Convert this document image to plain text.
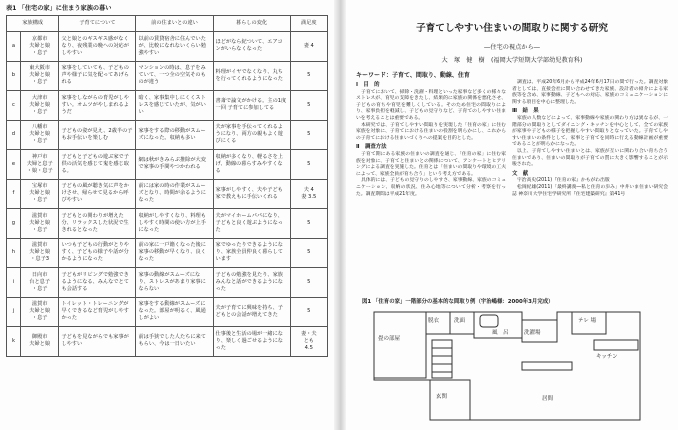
表1 「住宅の家」に住まう家族の暮い
家族構成		子育てについて	前の住まいとの違い	暮らしの変化	満足度
a	京都市
夫婦と娘
・息子	父と娘とのギスギス感がなくなり、夜残業の晩への対応がしやすい	以前の賃貸宿舎に住んでいたが、比較になれないくらい勉強やすい	ほどがなら紀ついて、エアコンがいらなくなった	妻 4
b	東大阪市
夫婦と娘
・息子	家事をしていても、子どもの声や様子に気を配ってあげられる	マンションの時は、息子をみていて、一つ全の空気そのものが違う	料理がイヤでなくなり、丸ちを行ってくれるようになった	5
c	大津市
夫婦と娘
・息子	家事をしながらの育児がしやすい。オムツがやしまれるようだ	暗く、家事集中しにくくストレスを感じていたが、気がいい	書斎で論文がかける。主の1度一回 子育てに参加してる	5
d	八幡市
夫婦と娘
・息子	子どもの姿が見え、2歳半の子もお手伝いを楽しむ	家事をする際の移動がスムーズになった。収納も多い	夫が家事を手伝ってくれるようになり、両方の親もよく遊びにくる	5
e	神戸市
夫婦と息子
・娘・息子	子どもと子どもの遊ぶ家で子供の活気を感じて鬼を感じ取る。	網は秋がきみらぶ推除が大変で家事の手間やつかわれる	収納が多くなり、軽るさを上げ、動線の暮らすみやすくなる	5
f	宝塚市
夫婦と娘
・息子	子どもの風が聴き気に声をかけさせ、帰らせて見るから呼びやすい	前には家の時の作業がスムーズとなり、時間が余るようになった	家事がしやすく、夫や子ども家で教えもに手伝いくれる	夫 4
妻 3.5
g	滋賀市
夫婦と娘
・息子	子どもとの関わりが増えた分、リラックスした状況で生きれるとなった	収納がしやすくなり、料理もしやすく時間の使い方が上手になった	夫がマイホームパパになり、子どもと良く遊ぶようになった	5
h	滋賀市
夫婦と娘
・息子3	いつも子どもの行動がとりやすく、子どもの様子や話が分かるようになった	前の家に一戸籍くなった後に家事の移動が早くなり、良くなった	家でゆったりできるようになり、家族全員仲良く暮らしています	5
i	日向市
台と息子
・息子	子どもがリビングで勉強できるようになる、みんなでとても会話する	家事の動線がスムーズになり、ストレスがあまり家事にならない	子どもの勉強を見たり、家族みんなと話ができるようになった	5
j	滋賀市
夫婦と娘
・息子	トイレット・トレーニングが早くできるなど育児がしやすかった	家事をする動線がスムーズになった。部屋が明るく、風通しがよい	夫が子育てに興味を持ち、子どもとの会話が増えてきた	5
k	御殿市
夫婦と娘	子どもを見ながらでも家事がしやすい	前は手狭でした人たちに来てもらい、今は一日いたい	仕事後と生活の場が一緒になり、楽しく過ごせるようになった	妻・夫
とも
4.5
子育てしやすい住まいの間取りに関する研究
―住宅の視点から―
大　塚　健　樹　(福岡大学短期大学部幼児教育科)
キーワード：子育て、間取り、動線、住育
Ⅰ　目　的

子育てにおいて、掃除・洗濯・料理といった家事など多くの様々なストレスが、育児の支障をきたし、結果的に家族の関係を悪化させ、子どもの育ちや育児を難しくしている。そのため住宅の間取りにより、家事負担を軽減し、子どもの見守りなど、子育てのしやすい住まいを考えることは重要である。

本研究では、子育てしやすい間取りを実現した「住育の家」に住む家族を対象に、子育てにおける住まいの役割を明らかにし、これからの子育てにおける住まいづくりへの提案を目的とした。

Ⅱ　調査方法

子育て期にある家族の住まいの調査を通じ、「住育の家」に住む家族を対象に、子育てと住まいとの関係について、アンケートとヒアリングによる調査を実施した。住育とは「住まいの間取りや環境の工夫によって、家族全員が育ち合う」という考え方である。

具体的には、子どもの見守りのしやすさ、家事動線、家族のコミュニケーション、収納の状況、住み心地等について分析・考察を行った。調査期間は平成21年度。

調査は、平成20年6月から平成24年6月17日の間で行った。調査対象者としては、直接会社に問い合わせてきた家族、設計者の紹介による家族等を含め、家事動線、子どもへの対応、家族のコミュニケーションに関する項目を中心に整理した。

Ⅲ　結　果

家族の人数などによって、家事動線や家族の関わり方は異なるが、一階部分の間取りとしてダイニング・キッチンを中心として、全ての家族が家事や子どもの様子を把握しやすい間取りとなっていた。子育てしやすい住まいの条件として、家事と子育てを同時に行える動線計画が重要であることが明らかになった。

以上、子育てしやすい住まいとは、家族が互いに関わり合い育ち合う住まいであり、住まいの間取りが子育ての質に大きく影響することが示唆された。

文　献

宇治高史(2011)『住育の家』かもがわ出版

松岡紀雄(2011)「最終講義―私と住育の歩み」中井いま住まい研究会誌 神奈川大学住宅学研究所『住宅建築研究』第41号

図1 「住育の家」一階部分の基本的な間取り例（宇治嶋様：2000年3月完成）
脱衣	洗面
風　呂	洗濯場
畳の部屋
テレ 場
キッチン
玄関	居間
